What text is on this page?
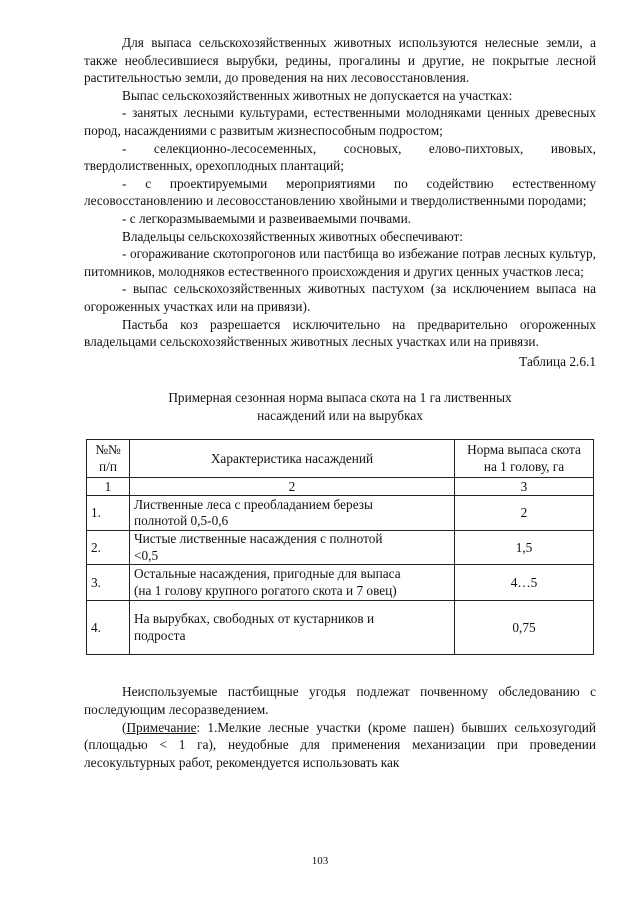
Для выпаса сельскохозяйственных животных используются нелесные земли, а также необлесившиеся вырубки, редины, прогалины и другие, не покрытые лесной растительностью земли, до проведения на них лесовосстановления.

Выпас сельскохозяйственных животных не допускается на участках:

- занятых лесными культурами, естественными молодняками ценных древесных пород, насаждениями с развитым жизнеспособным подростом;

- селекционно-лесосеменных, сосновых, елово-пихтовых, ивовых, твердолиственных, орехоплодных плантаций;

- с проектируемыми мероприятиями по содействию естественному лесовосстановлению и лесовосстановлению хвойными и твердолиственными породами;

- с легкоразмываемыми и развеиваемыми почвами.

Владельцы сельскохозяйственных животных обеспечивают:

- огораживание скотопрогонов или пастбища во избежание потрав лесных культур, питомников, молодняков естественного происхождения и других ценных участков леса;

- выпас сельскохозяйственных животных пастухом (за исключением выпаса на огороженных участках или на привязи).

Пастьба коз разрешается исключительно на предварительно огороженных владельцами сельскохозяйственных животных лесных участках или на привязи.

Таблица 2.6.1

Примерная сезонная норма выпаса скота на 1 га лиственных
насаждений или на вырубках
№№
п/п	Характеристика насаждений	Норма выпаса скота
на 1 голову, га

1	2	3
1.	Лиственные леса с преобладанием березы
полнотой 0,5-0,6	2
2.	Чистые лиственные насаждения с полнотой
<0,5	1,5
3.	Остальные насаждения, пригодные для выпаса
(на 1 голову крупного рогатого скота и 7 овец)	4…5
4.	На вырубках, свободных от кустарников и
подроста	0,75

Неиспользуемые пастбищные угодья подлежат почвенному обследованию с последующим лесоразведением.

(Примечание: 1.Мелкие лесные участки (кроме пашен) бывших сельхозугодий (площадью < 1 га), неудобные для применения механизации при проведении лесокультурных работ, рекомендуется использовать как

103
